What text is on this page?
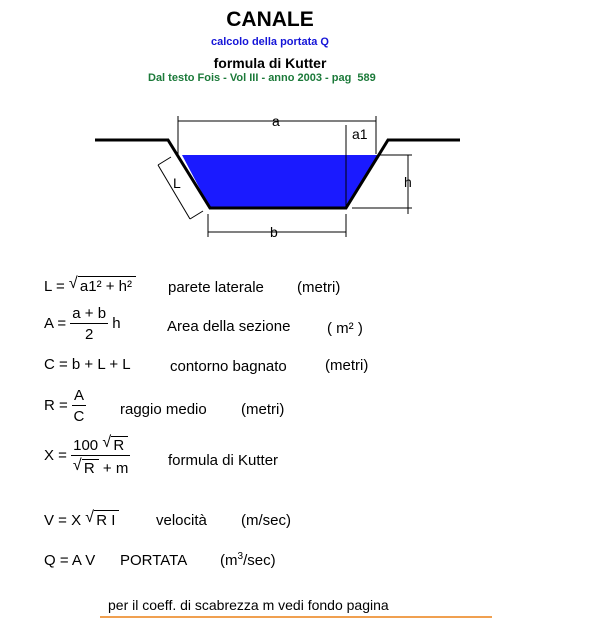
CANALE
calcolo della portata Q
formula di Kutter
Dal testo Fois - Vol III - anno 2003 - pag 589
a
a1
h
L
b
L = √ a1² + h² parete laterale (metri)
$A = \frac{a + b}{2}$ h	Area della sezione ( m² )
C = b + L + L	contorno bagnato	(metri)
$R = \frac{A}{C}$ raggio medio (metri)
$X = \frac{100 √ R}{√ R + m}$	formula di Kutter
V = X √ R I	velocità (m/sec)
Q = A V PORTATA $(m^3/\sec)$
per il coeff. di scabrezza m vedi fondo pagina
